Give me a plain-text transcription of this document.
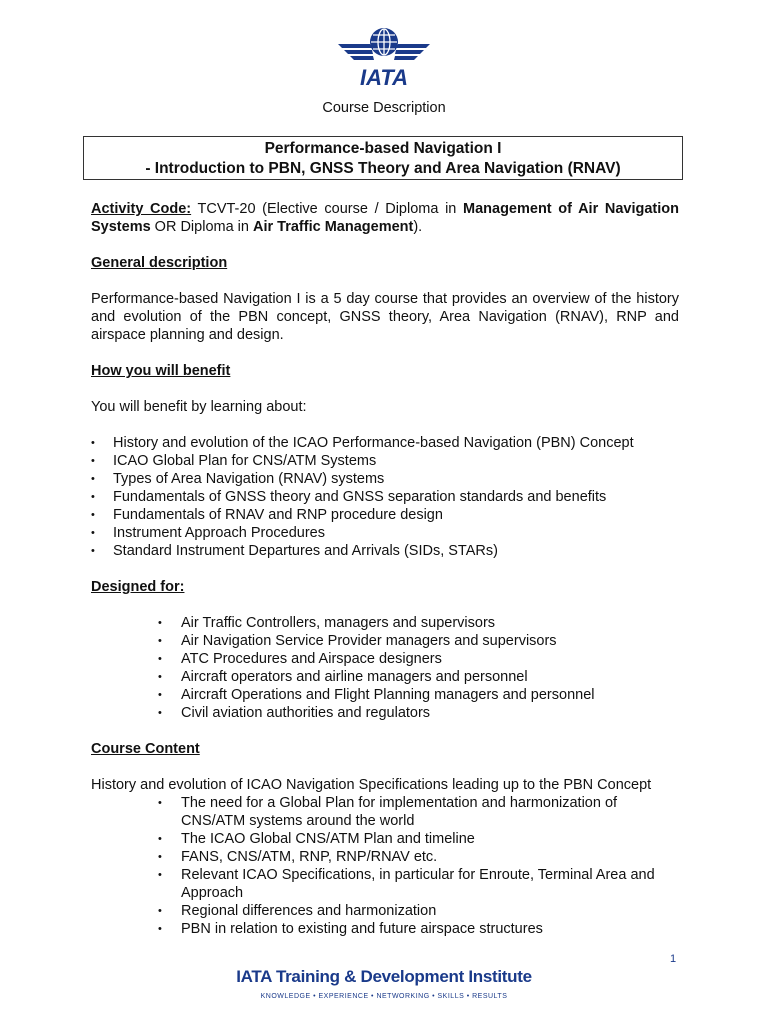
IATA
Course Description
Performance-based Navigation I
- Introduction to PBN, GNSS Theory and Area Navigation (RNAV)

Activity Code: TCVT-20 (Elective course / Diploma in Management of Air Navigation Systems OR Diploma in Air Traffic Management).

General description

Performance-based Navigation I is a 5 day course that provides an overview of the history and evolution of the PBN concept, GNSS theory, Area Navigation (RNAV), RNP and airspace planning and design.

How you will benefit

You will benefit by learning about:

• History and evolution of the ICAO Performance-based Navigation (PBN) Concept
• ICAO Global Plan for CNS/ATM Systems
• Types of Area Navigation (RNAV) systems
• Fundamentals of GNSS theory and GNSS separation standards and benefits
• Fundamentals of RNAV and RNP procedure design
• Instrument Approach Procedures
• Standard Instrument Departures and Arrivals (SIDs, STARs)
Designed for:
• Air Traffic Controllers, managers and supervisors
• Air Navigation Service Provider managers and supervisors
• ATC Procedures and Airspace designers
• Aircraft operators and airline managers and personnel
• Aircraft Operations and Flight Planning managers and personnel
• Civil aviation authorities and regulators
Course Content

History and evolution of ICAO Navigation Specifications leading up to the PBN Concept

• The need for a Global Plan for implementation and harmonization of CNS/ATM systems around the world
• The ICAO Global CNS/ATM Plan and timeline
• FANS, CNS/ATM, RNP, RNP/RNAV etc.
• Relevant ICAO Specifications, in particular for Enroute, Terminal Area and Approach
• Regional differences and harmonization
• PBN in relation to existing and future airspace structures
1
IATA Training & Development Institute
KNOWLEDGE • EXPERIENCE • NETWORKING • SKILLS • RESULTS
